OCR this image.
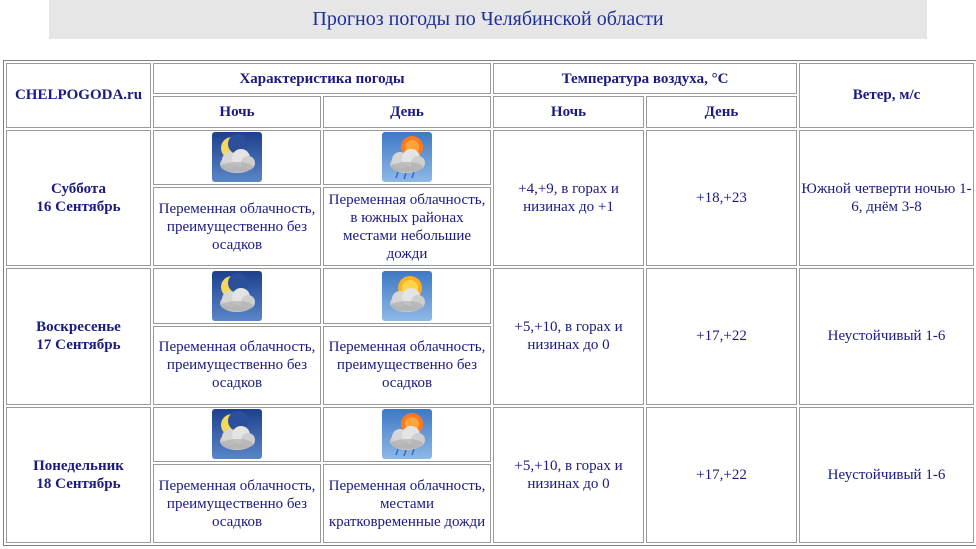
Прогноз погоды по Челябинской области
CHELPOGODA.ru	Характеристика погоды		Температура воздуха, °С		Ветер, м/с
	Ночь	День	Ночь	День	
Суббота
16 Сентябрь			+4,+9, в горах и низинах до +1	+18,+23	Южной четверти ночью 1-6, днём 3-8
	Переменная облачность, преимущественно без осадков	Переменная облачность, в южных районах местами небольшие дожди			
Воскресенье
17 Сентябрь			+5,+10, в горах и низинах до 0	+17,+22	Неустойчивый 1-6
	Переменная облачность, преимущественно без осадков	Переменная облачность, преимущественно без осадков			
Понедельник
18 Сентябрь			+5,+10, в горах и низинах до 0	+17,+22	Неустойчивый 1-6
	Переменная облачность, преимущественно без осадков	Переменная облачность, местами кратковременные дожди			
